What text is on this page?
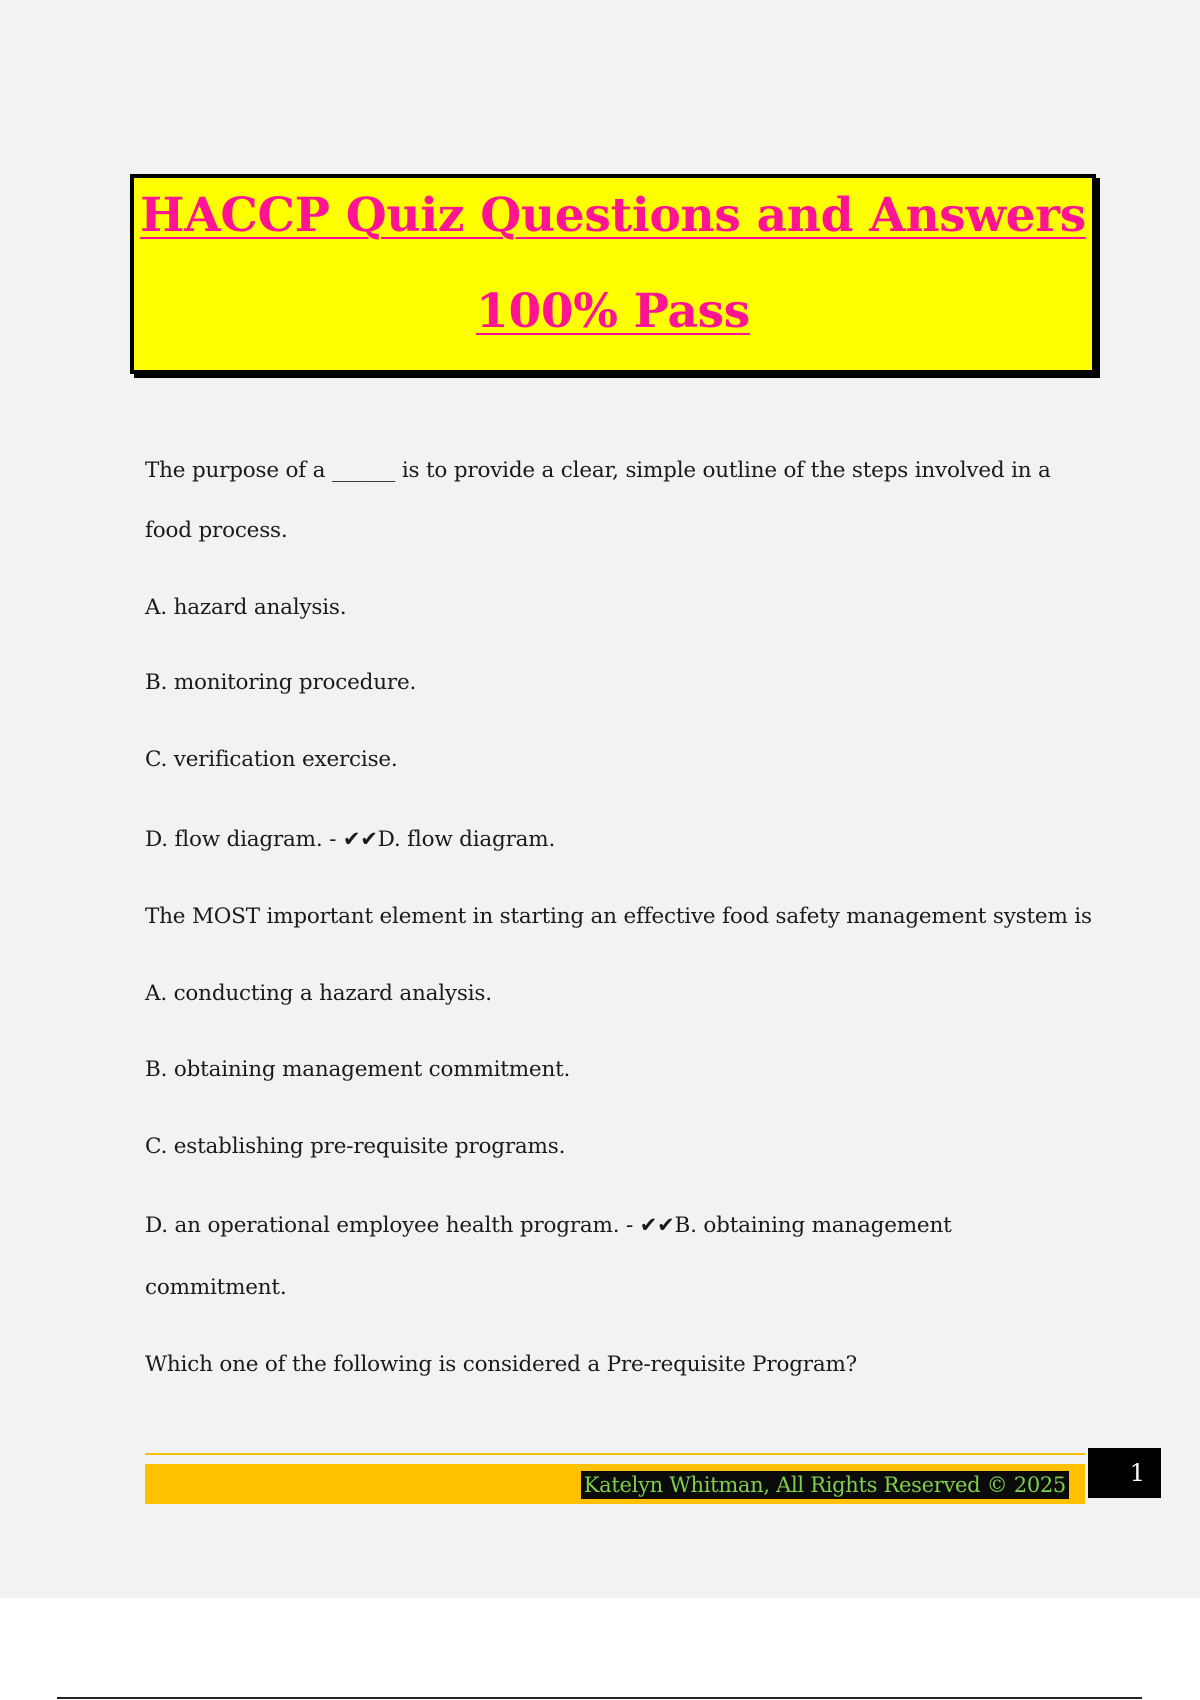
HACCP Quiz Questions and Answers
100% Pass
The purpose of a ______ is to provide a clear, simple outline of the steps involved in a
food process.
A. hazard analysis.
B. monitoring procedure.
C. verification exercise.
D. flow diagram. - ✔✔D. flow diagram.
The MOST important element in starting an effective food safety management system is
A. conducting a hazard analysis.
B. obtaining management commitment.
C. establishing pre-requisite programs.
D. an operational employee health program. - ✔✔B. obtaining management
commitment.
Which one of the following is considered a Pre-requisite Program?
Katelyn Whitman, All Rights Reserved © 2025	1
